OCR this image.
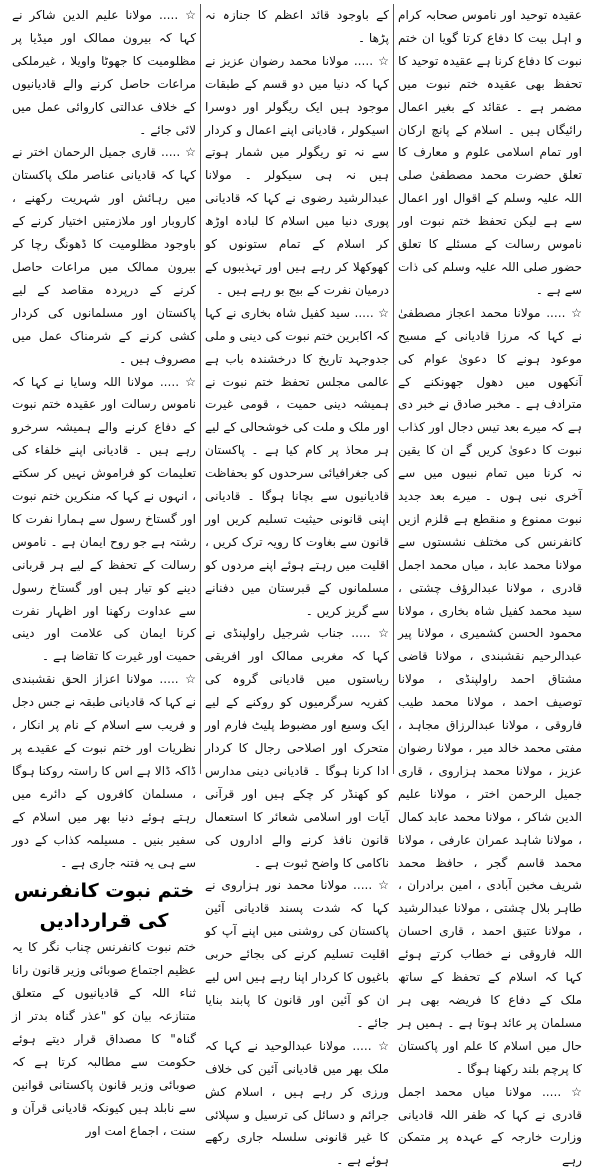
عقیدہ توحید اور ناموس صحابہ کرام و اہل بیت کا دفاع کرتا گویا ان ختم نبوت کا دفاع کرنا ہے عقیدہ توحید کا تحفظ بھی عقیدہ ختم نبوت میں مضمر ہے ۔ عقائد کے بغیر اعمال رائیگاں ہیں ۔ اسلام کے پانچ ارکان اور تمام اسلامی علوم و معارف کا تعلق حضرت محمد مصطفیٰ صلی اللہ علیہ وسلم کے اقوال اور اعمال سے ہے لیکن تحفظ ختم نبوت اور ناموس رسالت کے مسئلے کا تعلق حضور صلی اللہ علیہ وسلم کی ذات سے ہے ۔

☆ ..... مولانا محمد اعجاز مصطفیٰ نے کہا کہ مرزا قادیانی کے مسیح موعود ہونے کا دعویٰ عوام کی آنکھوں میں دھول جھونکنے کے مترادف ہے ۔ مخبر صادق نے خبر دی ہے کہ میرے بعد تیس دجال اور کذاب نبوت کا دعویٰ کریں گے ان کا یقین نہ کرنا میں تمام نبیوں میں سے آخری نبی ہوں ۔ میرے بعد جدید نبوت ممنوع و منقطع ہے قلزم ازیں کانفرنس کی مختلف نشستوں سے مولانا محمد عابد ، میاں محمد اجمل قادری ، مولانا عبدالرؤف چشتی ، سید محمد کفیل شاہ بخاری ، مولانا محمود الحسن کشمیری ، مولانا پیر عبدالرحیم نقشبندی ، مولانا قاضی مشتاق احمد راولپنڈی ، مولانا توصیف احمد ، مولانا محمد طیب فاروقی ، مولانا عبدالرزاق مجاہد ، مفتی محمد خالد میر ، مولانا رضوان عزیز ، مولانا محمد ہزاروی ، قاری جمیل الرحمن اختر ، مولانا علیم الدین شاکر ، مولانا محمد عابد کمال ، مولانا شاہد عمران عارفی ، مولانا محمد قاسم گجر ، حافظ محمد شریف مخبن آبادی ، امین برادران ، طاہر بلال چشتی ، مولانا عبدالرشید ، مولانا عتیق احمد ، قاری احسان اللہ فاروقی نے خطاب کرتے ہوئے کہا کہ اسلام کے تحفظ کے ساتھ ملک کے دفاع کا فریضہ بھی ہر مسلمان پر عائد ہوتا ہے ۔ ہمیں ہر حال میں اسلام کا علم اور پاکستان کا پرچم بلند رکھنا ہوگا ۔

☆ ..... مولانا میاں محمد اجمل قادری نے کہا کہ ظفر اللہ قادیانی وزارت خارجہ کے عہدہ پر متمکن رہے

کے باوجود قائد اعظم کا جنازہ نہ پڑھا ۔

☆ ..... مولانا محمد رضوان عزیز نے کہا کہ دنیا میں دو قسم کے طبقات موجود ہیں ایک ریگولر اور دوسرا اسیکولر ، قادیانی اپنے اعمال و کردار سے نہ تو ریگولر میں شمار ہوتے ہیں نہ ہی سیکولر ۔ مولانا عبدالرشید رضوی نے کہا کہ قادیانی پوری دنیا میں اسلام کا لبادہ اوڑھ کر اسلام کے تمام ستونوں کو کھوکھلا کر رہے ہیں اور تہذیبوں کے درمیان نفرت کے بیج بو رہے ہیں ۔

☆ ..... سید کفیل شاہ بخاری نے کہا کہ اکابرین ختم نبوت کی دینی و ملی جدوجہد تاریخ کا درخشندہ باب ہے عالمی مجلس تحفظ ختم نبوت نے ہمیشہ دینی حمیت ، قومی غیرت اور ملک و ملت کی خوشحالی کے لیے ہر محاذ پر کام کیا ہے ۔ پاکستان کی جغرافیائی سرحدوں کو بحفاظت قادیانیوں سے بچانا ہوگا ۔ قادیانی اپنی قانونی حیثیت تسلیم کریں اور قانون سے بغاوت کا رویہ ترک کریں ، اقلیت میں رہتے ہوئے اپنے مردوں کو مسلمانوں کے قبرستان میں دفنانے سے گریز کریں ۔

☆ ..... جناب شرجیل راولپنڈی نے کہا کہ مغربی ممالک اور افریقی ریاستوں میں قادیانی گروہ کی کفریہ سرگرمیوں کو روکنے کے لیے ایک وسیع اور مضبوط پلیٹ فارم اور متحرک اور اصلاحی رجال کا کردار ادا کرنا ہوگا ۔ قادیانی دینی مدارس کو کھنڈر کر چکے ہیں اور قرآنی آیات اور اسلامی شعائر کا استعمال قانون نافذ کرنے والے اداروں کی ناکامی کا واضح ثبوت ہے ۔

☆ ..... مولانا محمد نور ہزاروی نے کہا کہ شدت پسند قادیانی آئین پاکستان کی روشنی میں اپنے آپ کو اقلیت تسلیم کرنے کی بجائے حربی باغیوں کا کردار اپنا رہے ہیں اس لیے ان کو آئین اور قانون کا پابند بنایا جائے ۔

☆ ..... مولانا عبدالوحید نے کہا کہ ملک بھر میں قادیانی آئین کی خلاف ورزی کر رہے ہیں ، اسلام کش جرائم و دسائل کی ترسیل و سپلائی کا غیر قانونی سلسلہ جاری رکھے ہوئے ہے ۔

☆ ..... مولانا علیم الدین شاکر نے کہا کہ بیرون ممالک اور میڈیا پر مظلومیت کا جھوٹا واویلا ، غیرملکی مراعات حاصل کرنے والے قادیانیوں کے خلاف عدالتی کاروائی عمل میں لائی جائے ۔

☆ ..... قاری جمیل الرحمان اختر نے کہا کہ قادیانی عناصر ملک پاکستان میں رہائش اور شہریت رکھنے ، کاروبار اور ملازمتیں اختیار کرنے کے باوجود مظلومیت کا ڈھونگ رچا کر بیرون ممالک میں مراعات حاصل کرنے کے درپردہ مقاصد کے لیے پاکستان اور مسلمانوں کی کردار کشی کرنے کے شرمناک عمل میں مصروف ہیں ۔

☆ ..... مولانا اللہ وسایا نے کہا کہ ناموس رسالت اور عقیدہ ختم نبوت کے دفاع کرنے والے ہمیشہ سرخرو رہے ہیں ۔ قادیانی اپنے خلفاء کی تعلیمات کو فراموش نہیں کر سکتے ، انہوں نے کہا کہ منکرین ختم نبوت اور گستاخ رسول سے ہمارا نفرت کا رشتہ ہے جو روح ایمان ہے ۔ ناموس رسالت کے تحفظ کے لیے ہر قربانی دینے کو تیار ہیں اور گستاخ رسول سے عداوت رکھنا اور اظہار نفرت کرنا ایمان کی علامت اور دینی حمیت اور غیرت کا تقاضا ہے ۔

☆ ..... مولانا اعزاز الحق نقشبندی نے کہا کہ قادیانی طبقہ نے جس دجل و فریب سے اسلام کے نام پر انکار ، نظریات اور ختم نبوت کے عقیدے پر ڈاکہ ڈالا ہے اس کا راستہ روکنا ہوگا ، مسلمان کافروں کے دائرے میں رہتے ہوئے دنیا بھر میں اسلام کے سفیر بنیں ۔ مسیلمہ کذاب کے دور سے ہی یہ فتنہ جاری ہے ۔

ختم نبوت کانفرنس کی قراردادیں

ختم نبوت کانفرنس چناب نگر کا یہ عظیم اجتماع صوبائی وزیر قانون رانا ثناء اللہ کے قادیانیوں کے متعلق متنازعہ بیان کو "عذر گناہ بدتر از گناہ" کا مصداق قرار دیتے ہوئے حکومت سے مطالبہ کرتا ہے کہ صوبائی وزیر قانون پاکستانی قوانین سے نابلد ہیں کیونکہ قادیانی قرآن و سنت ، اجماع امت اور
